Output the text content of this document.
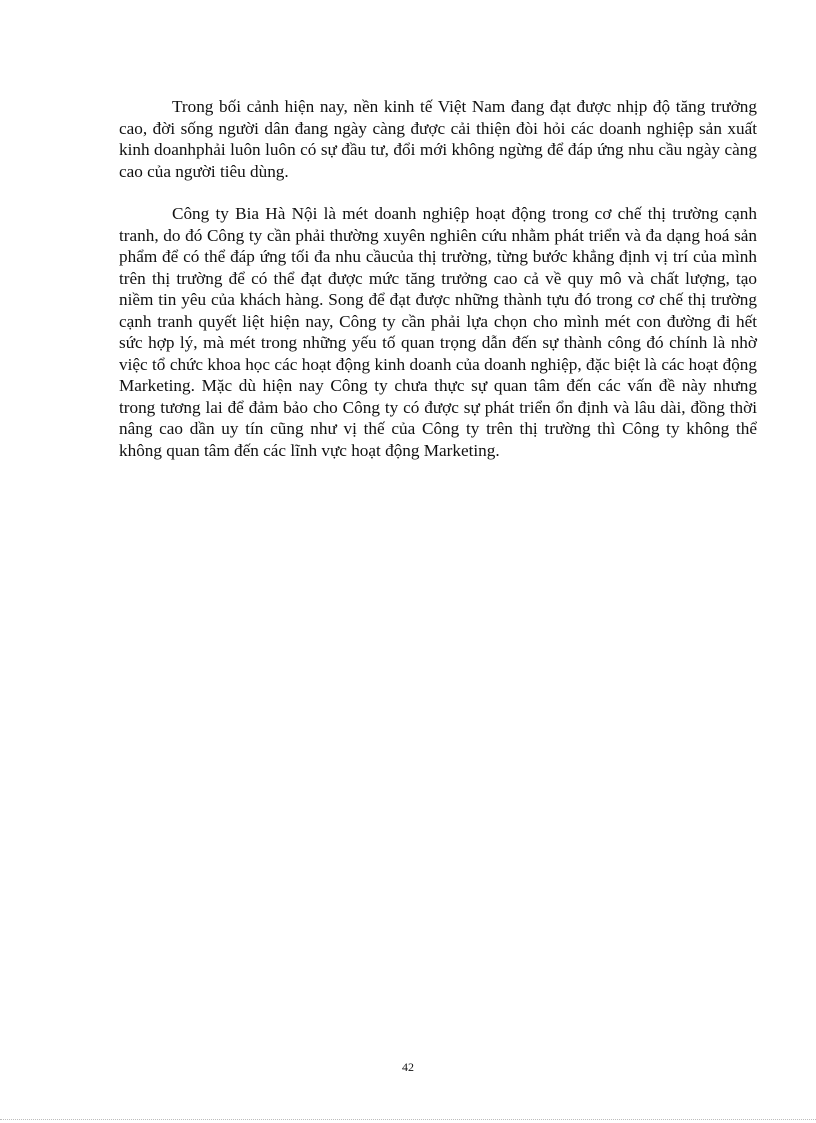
Trong bối cảnh hiện nay, nền kinh tế Việt Nam đang đạt được nhịp độ tăng trưởng cao, đời sống người dân đang ngày càng được cải thiện đòi hỏi các doanh nghiệp sản xuất kinh doanhphải luôn luôn có sự đầu tư, đổi mới không ngừng để đáp ứng nhu cầu ngày càng cao của người tiêu dùng.

Công ty Bia Hà Nội là mét doanh nghiệp hoạt động trong cơ chế thị trường cạnh tranh, do đó Công ty cần phải thường xuyên nghiên cứu nhằm phát triển và đa dạng hoá sản phẩm để có thể đáp ứng tối đa nhu cầucủa thị trường, từng bước khẳng định vị trí của mình trên thị trường để có thể đạt được mức tăng trưởng cao cả về quy mô và chất lượng, tạo niềm tin yêu của khách hàng. Song để đạt được những thành tựu đó trong cơ chế thị trường cạnh tranh quyết liệt hiện nay, Công ty cần phải lựa chọn cho mình mét con đường đi hết sức hợp lý, mà mét trong những yếu tố quan trọng dẫn đến sự thành công đó chính là nhờ việc tổ chức khoa học các hoạt động kinh doanh của doanh nghiệp, đặc biệt là các hoạt động Marketing. Mặc dù hiện nay Công ty chưa thực sự quan tâm đến các vấn đề này nhưng trong tương lai để đảm bảo cho Công ty có được sự phát triển ổn định và lâu dài, đồng thời nâng cao dần uy tín cũng như vị thế của Công ty trên thị trường thì Công ty không thể không quan tâm đến các lĩnh vực hoạt động Marketing.

42
